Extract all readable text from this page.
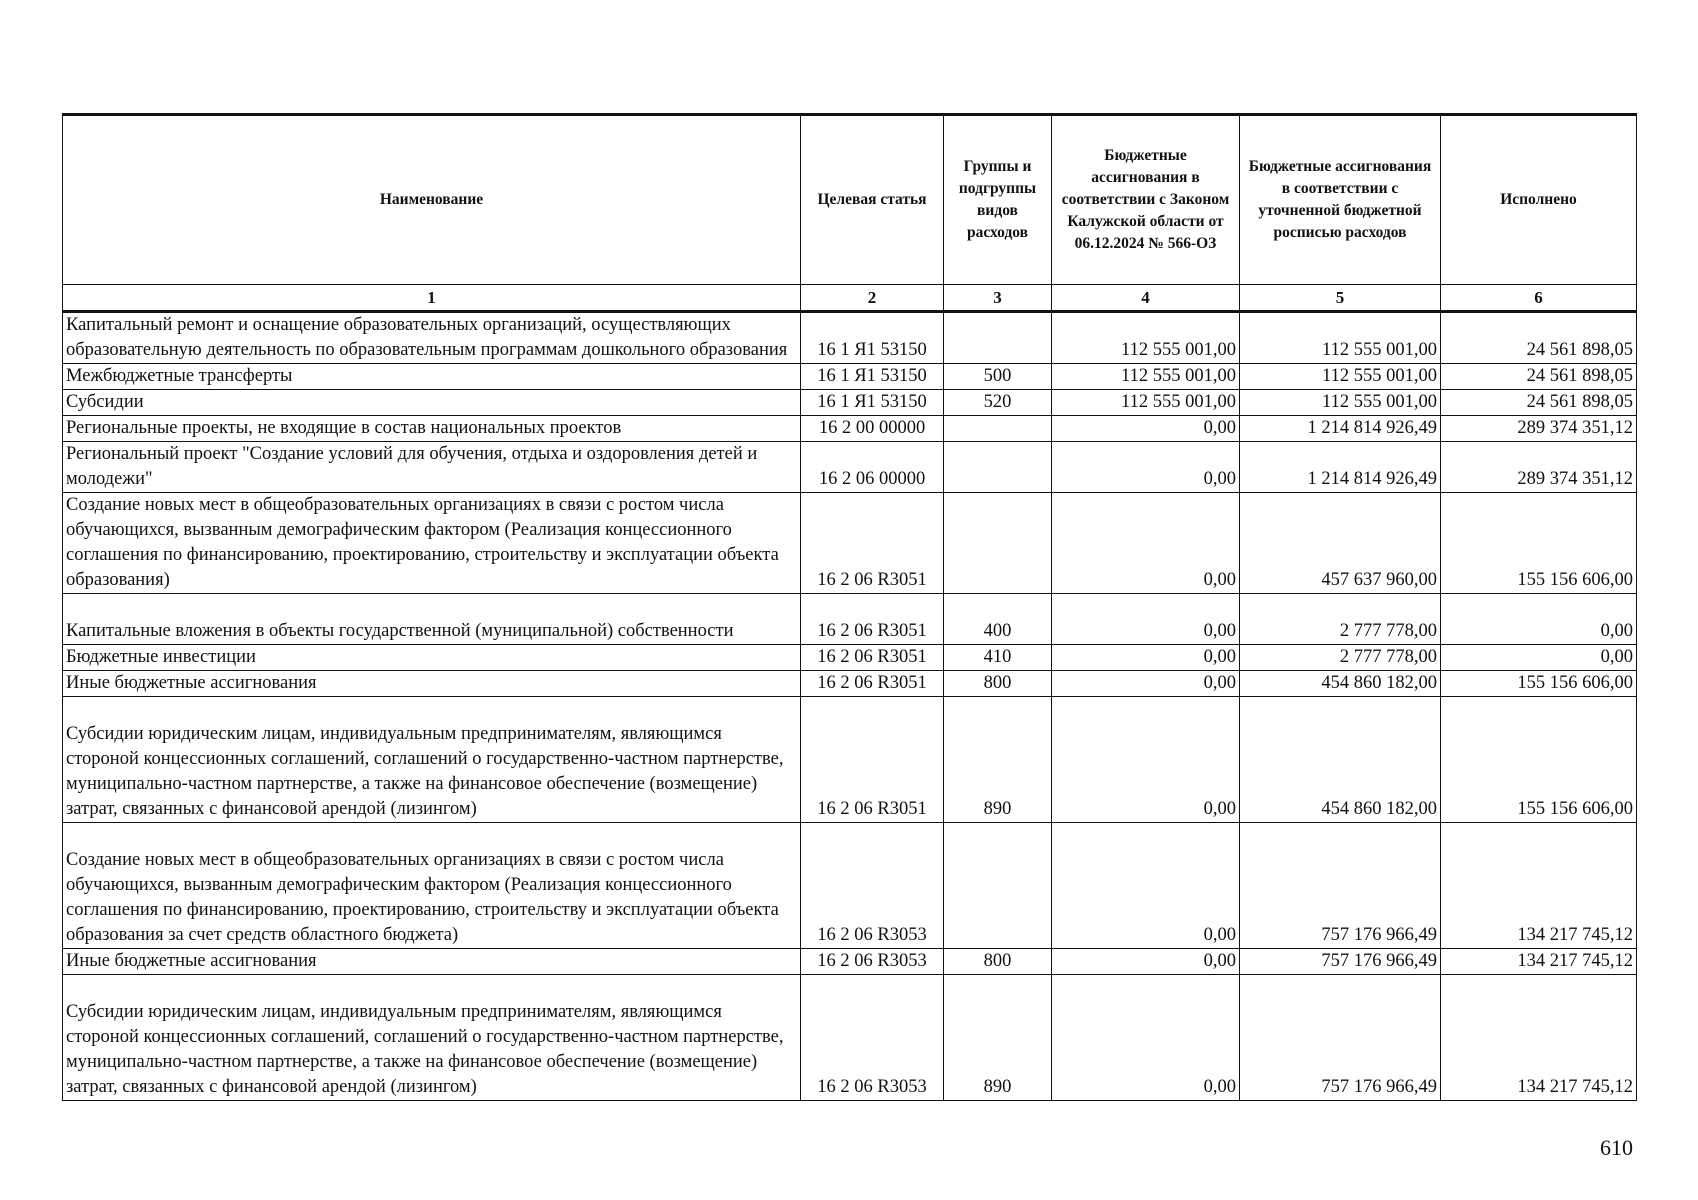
Наименование	Целевая статья	Группы и подгруппы видов расходов	Бюджетные ассигнования в соответствии с Законом Калужской области от 06.12.2024 № 566-ОЗ	Бюджетные ассигнования в соответствии с уточненной бюджетной росписью расходов	Исполнено
1	2	3	4	5	6
Капитальный ремонт и оснащение образовательных организаций, осуществляющих образовательную деятельность по образовательным программам дошкольного образования	16 1 Я1 53150		112 555 001,00	112 555 001,00	24 561 898,05
Межбюджетные трансферты	16 1 Я1 53150	500	112 555 001,00	112 555 001,00	24 561 898,05
Субсидии	16 1 Я1 53150	520	112 555 001,00	112 555 001,00	24 561 898,05
Региональные проекты, не входящие в состав национальных проектов	16 2 00 00000		0,00	1 214 814 926,49	289 374 351,12
Региональный проект "Создание условий для обучения, отдыха и оздоровления детей и молодежи"	16 2 06 00000		0,00	1 214 814 926,49	289 374 351,12
Создание новых мест в общеобразовательных организациях в связи с ростом числа обучающихся, вызванным демографическим фактором (Реализация концессионного соглашения по финансированию, проектированию, строительству и эксплуатации объекта образования)	16 2 06 R3051		0,00	457 637 960,00	155 156 606,00
Капитальные вложения в объекты государственной (муниципальной) собственности	16 2 06 R3051	400	0,00	2 777 778,00	0,00
Бюджетные инвестиции	16 2 06 R3051	410	0,00	2 777 778,00	0,00
Иные бюджетные ассигнования	16 2 06 R3051	800	0,00	454 860 182,00	155 156 606,00
Субсидии юридическим лицам, индивидуальным предпринимателям, являющимся стороной концессионных соглашений, соглашений о государственно-частном партнерстве, муниципально-частном партнерстве, а также на финансовое обеспечение (возмещение) затрат, связанных с финансовой арендой (лизингом)	16 2 06 R3051	890	0,00	454 860 182,00	155 156 606,00
Создание новых мест в общеобразовательных организациях в связи с ростом числа обучающихся, вызванным демографическим фактором (Реализация концессионного соглашения по финансированию, проектированию, строительству и эксплуатации объекта образования за счет средств областного бюджета)	16 2 06 R3053		0,00	757 176 966,49	134 217 745,12
Иные бюджетные ассигнования	16 2 06 R3053	800	0,00	757 176 966,49	134 217 745,12
Субсидии юридическим лицам, индивидуальным предпринимателям, являющимся стороной концессионных соглашений, соглашений о государственно-частном партнерстве, муниципально-частном партнерстве, а также на финансовое обеспечение (возмещение) затрат, связанных с финансовой арендой (лизингом)	16 2 06 R3053	890	0,00	757 176 966,49	134 217 745,12
610
